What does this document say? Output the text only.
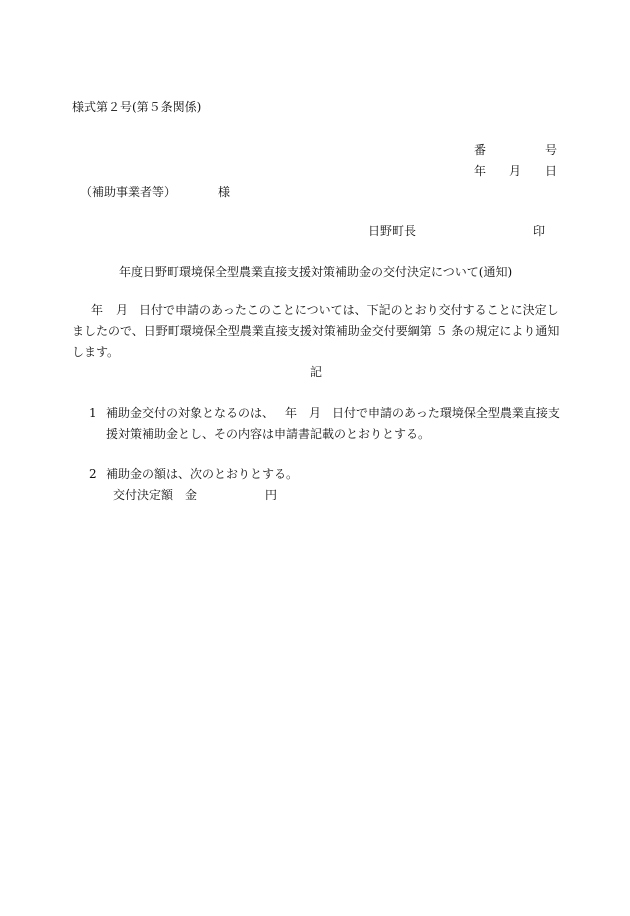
様式第２号(第５条関係)
番	号
年 月 日
（補助事業者等）	様
日野町長	印
年度日野町環境保全型農業直接支援対策補助金の交付決定について(通知)
年 月 日付で申請のあったこのことについては、下記のとおり交付することに決定し
ましたので、日野町環境保全型農業直接支援対策補助金交付要綱第 ５ 条の規定により通知
します。
記
1 補助金交付の対象となるのは、 年 月 日付で申請のあった環境保全型農業直接支
援対策補助金とし、その内容は申請書記載のとおりとする。
2 補助金の額は、次のとおりとする。
交付決定額 金	円
